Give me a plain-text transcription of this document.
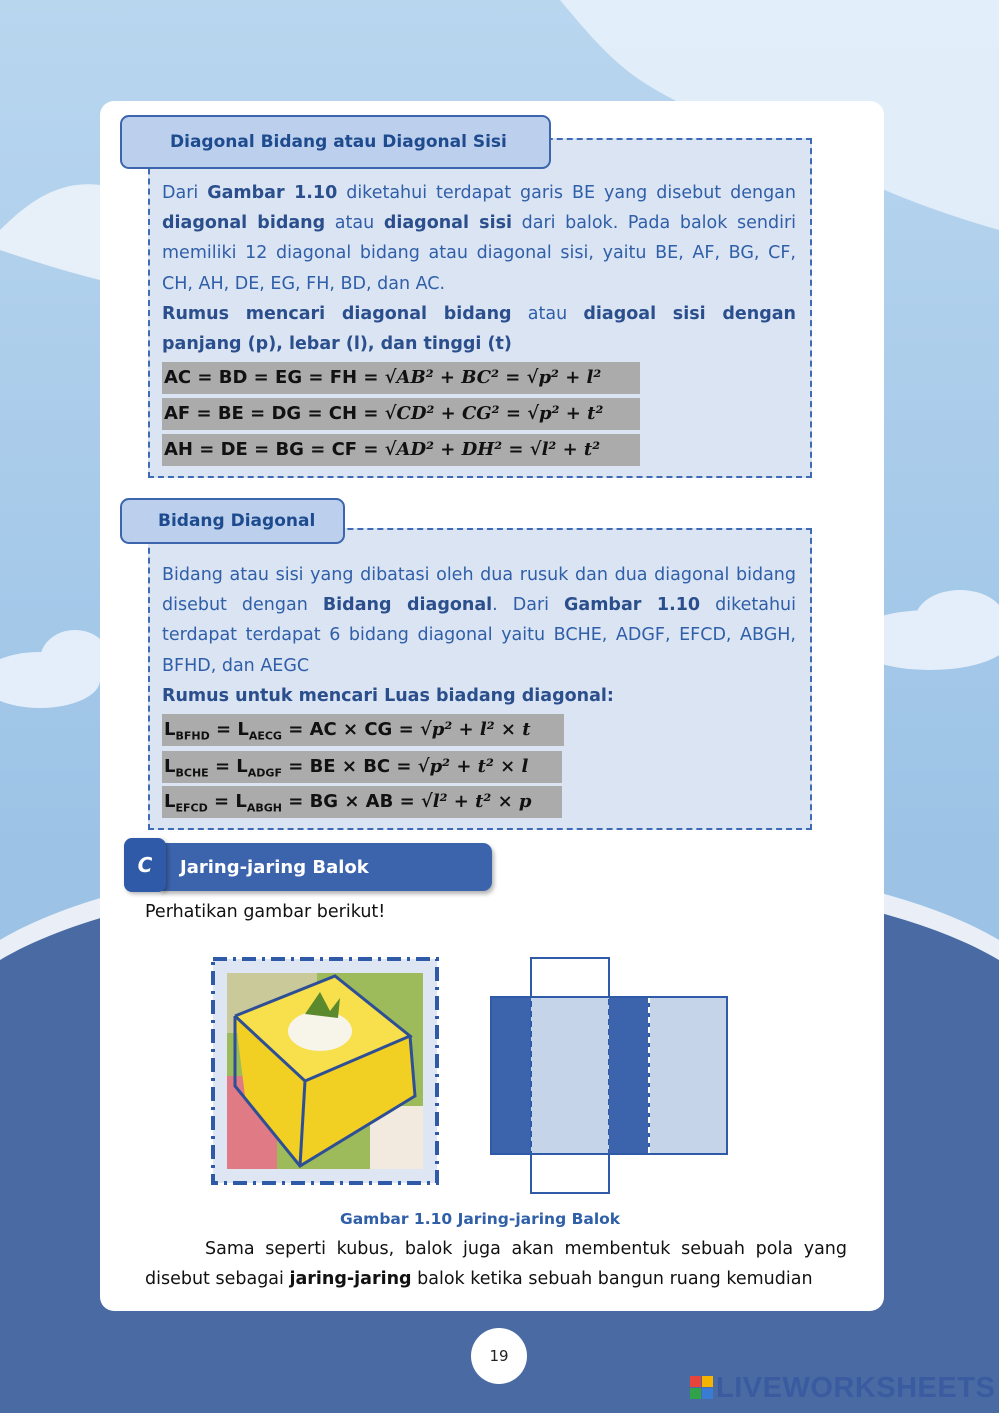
Diagonal Bidang atau Diagonal Sisi
Dari Gambar 1.10 diketahui terdapat garis BE yang disebut dengan diagonal bidang atau diagonal sisi dari balok. Pada balok sendiri memiliki 12 diagonal bidang atau diagonal sisi, yaitu BE, AF, BG, CF, CH, AH, DE, EG, FH, BD, dan AC.
Rumus mencari diagonal bidang atau diagoal sisi dengan panjang (p), lebar (l), dan tinggi (t)
AC = BD = EG = FH = √AB² + BC² = √p² + l²
AF = BE = DG = CH = √CD² + CG² = √p² + t²
AH = DE = BG = CF = √AD² + DH² = √l² + t²
Bidang Diagonal
Bidang atau sisi yang dibatasi oleh dua rusuk dan dua diagonal bidang disebut dengan Bidang diagonal. Dari Gambar 1.10 diketahui terdapat terdapat 6 bidang diagonal yaitu BCHE, ADGF, EFCD, ABGH, BFHD, dan AEGC
Rumus untuk mencari Luas biadang diagonal:
$L_{BFHD} = L_{AECG}$ = AC × CG = √p² + l² × t
$L_{BCHE} = L_{ADGF}$ = BE × BC = √p² + t² × l
$L_{EFCD} = L_{ABGH}$ = BG × AB = √l² + t² × p
Jaring-jaring Balok
C
Perhatikan gambar berikut!
Gambar 1.10 Jaring-jaring Balok
Sama seperti kubus, balok juga akan membentuk sebuah pola yang disebut sebagai jaring-jaring balok ketika sebuah bangun ruang kemudian
19
LIVEWORKSHEETS
